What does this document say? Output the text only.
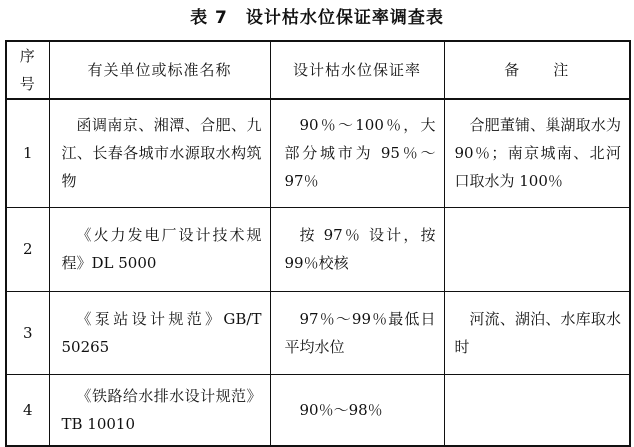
表 7 设计枯水位保证率调查表
序号	有关单位或标准名称	设计枯水位保证率	备 注
1	函调南京、湘潭、合肥、九江、长春各城市水源取水构筑物	90％～100％，大部分城市为 95％～97％	合肥董铺、巢湖取水为 90％；南京城南、北河口取水为 100％
2	《火力发电厂设计技术规程》DL 5000	按 97％ 设计，按 99％校核	
3	《泵站设计规范》GB/T 50265	97％～99％最低日平均水位	河流、湖泊、水库取水时
4	《铁路给水排水设计规范》TB 10010	90％～98％	
